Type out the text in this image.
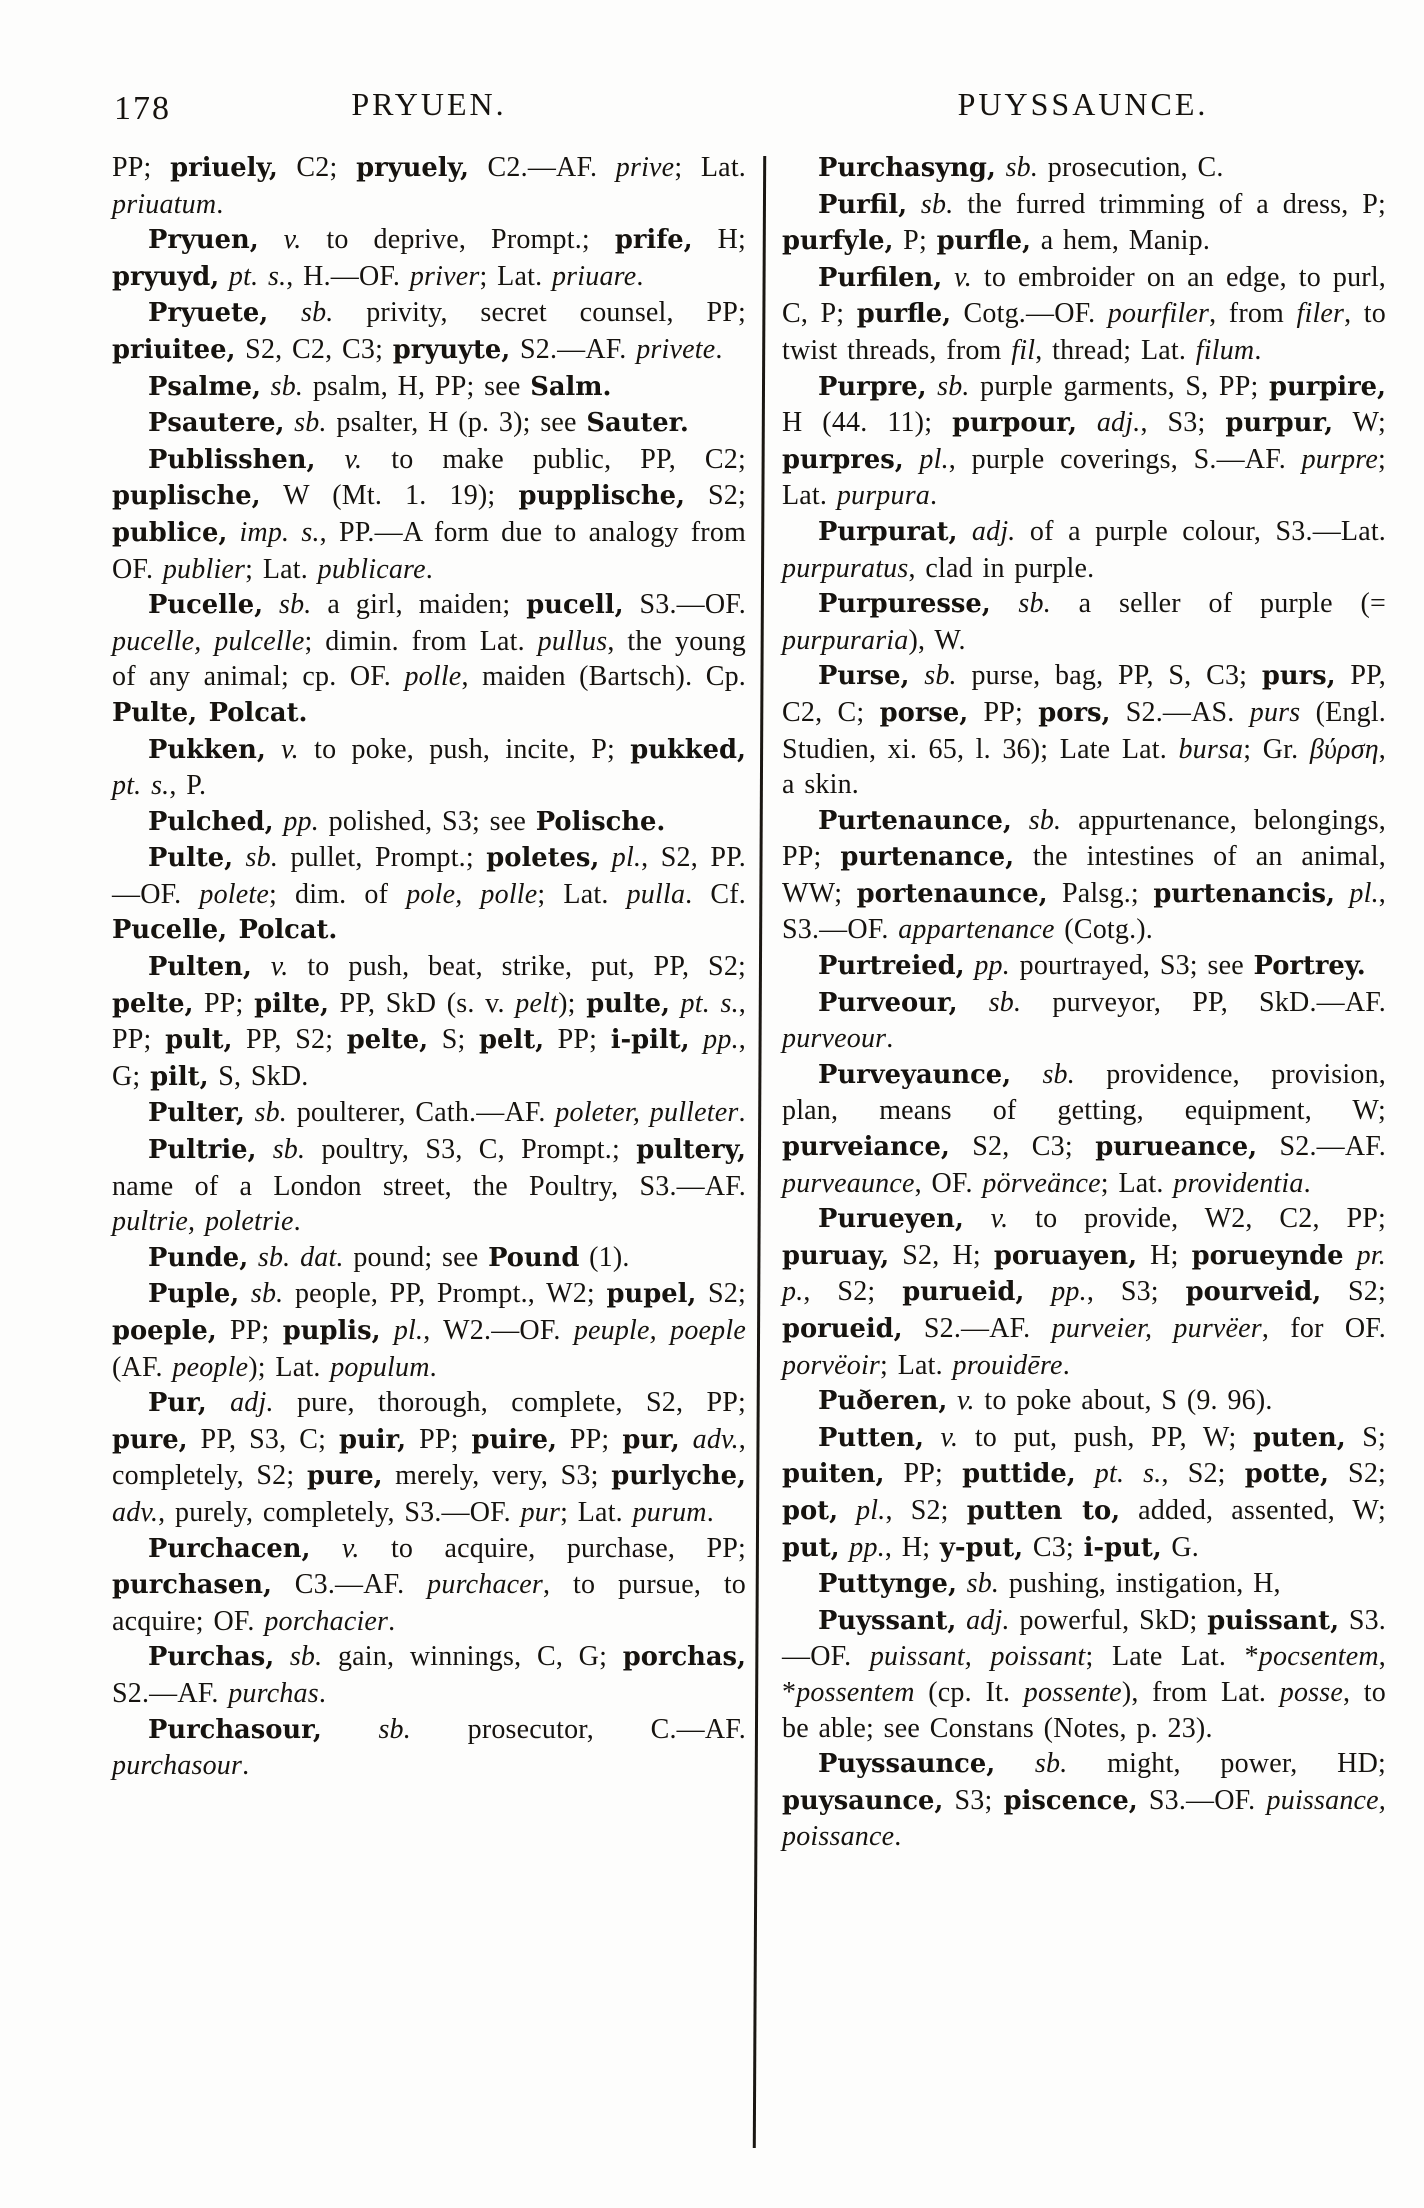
178	PRYUEN.	PUYSSAUNCE.

PP; priuely, C2; pryuely, C2.—AF. prive; Lat. priuatum.

Pryuen, v. to deprive, Prompt.; prife, H; pryuyd, pt. s., H.—OF. priver; Lat. priuare.

Pryuete, sb. privity, secret counsel, PP; priuitee, S2, C2, C3; pryuyte, S2.—AF. privete.

Psalme, sb. psalm, H, PP; see Salm.

Psautere, sb. psalter, H (p. 3); see Sauter.

Publisshen, v. to make public, PP, C2; puplische, W (Mt. 1. 19); pupplische, S2; publice, imp. s., PP.—A form due to analogy from OF. publier; Lat. publicare.

Pucelle, sb. a girl, maiden; pucell, S3.—OF. pucelle, pulcelle; dimin. from Lat. pullus, the young of any animal; cp. OF. polle, maiden (Bartsch). Cp. Pulte, Polcat.

Pukken, v. to poke, push, incite, P; pukked, pt. s., P.

Pulched, pp. polished, S3; see Polische.

Pulte, sb. pullet, Prompt.; poletes, pl., S2, PP.—OF. polete; dim. of pole, polle; Lat. pulla. Cf. Pucelle, Polcat.

Pulten, v. to push, beat, strike, put, PP, S2; pelte, PP; pilte, PP, SkD (s. v. pelt); pulte, pt. s., PP; pult, PP, S2; pelte, S; pelt, PP; i-pilt, pp., G; pilt, S, SkD.

Pulter, sb. poulterer, Cath.—AF. poleter, pulleter.

Pultrie, sb. poultry, S3, C, Prompt.; pultery, name of a London street, the Poultry, S3.—AF. pultrie, poletrie.

Punde, sb. dat. pound; see Pound (1).

Puple, sb. people, PP, Prompt., W2; pupel, S2; poeple, PP; puplis, pl., W2.—OF. peuple, poeple (AF. people); Lat. populum.

Pur, adj. pure, thorough, complete, S2, PP; pure, PP, S3, C; puir, PP; puire, PP; pur, adv., completely, S2; pure, merely, very, S3; purlyche, adv., purely, completely, S3.—OF. pur; Lat. purum.

Purchacen, v. to acquire, purchase, PP; purchasen, C3.—AF. purchacer, to pursue, to acquire; OF. porchacier.

Purchas, sb. gain, winnings, C, G; porchas, S2.—AF. purchas.

Purchasour, sb. prosecutor, C.—AF. purchasour.

Purchasyng, sb. prosecution, C.

Purfil, sb. the furred trimming of a dress, P; purfyle, P; purfle, a hem, Manip.

Purfilen, v. to embroider on an edge, to purl, C, P; purfle, Cotg.—OF. pourfiler, from filer, to twist threads, from fil, thread; Lat. filum.

Purpre, sb. purple garments, S, PP; purpire, H (44. 11); purpour, adj., S3; purpur, W; purpres, pl., purple coverings, S.—AF. purpre; Lat. purpura.

Purpurat, adj. of a purple colour, S3.—Lat. purpuratus, clad in purple.

Purpuresse, sb. a seller of purple (= purpuraria), W.

Purse, sb. purse, bag, PP, S, C3; purs, PP, C2, C; porse, PP; pors, S2.—AS. purs (Engl. Studien, xi. 65, l. 36); Late Lat. bursa; Gr. βύρση, a skin.

Purtenaunce, sb. appurtenance, belongings, PP; purtenance, the intestines of an animal, WW; portenaunce, Palsg.; purtenancis, pl., S3.—OF. appartenance (Cotg.).

Purtreied, pp. pourtrayed, S3; see Portrey.

Purveour, sb. purveyor, PP, SkD.—AF. purveour.

Purveyaunce, sb. providence, provision, plan, means of getting, equipment, W; purveiance, S2, C3; purueance, S2.—AF. purveaunce, OF. pörveänce; Lat. providentia.

Purueyen, v. to provide, W2, C2, PP; puruay, S2, H; poruayen, H; porueynde pr. p., S2; purueid, pp., S3; pourveid, S2; porueid, S2.—AF. purveier, purvëer, for OF. porvëoir; Lat. prouidēre.

Puðeren, v. to poke about, S (9. 96).

Putten, v. to put, push, PP, W; puten, S; puiten, PP; puttide, pt. s., S2; potte, S2; pot, pl., S2; putten to, added, assented, W; put, pp., H; y-put, C3; i-put, G.

Puttynge, sb. pushing, instigation, H,

Puyssant, adj. powerful, SkD; puissant, S3.—OF. puissant, poissant; Late Lat. *pocsentem, *possentem (cp. It. possente), from Lat. posse, to be able; see Constans (Notes, p. 23).

Puyssaunce, sb. might, power, HD; puysaunce, S3; piscence, S3.—OF. puissance, poissance.
